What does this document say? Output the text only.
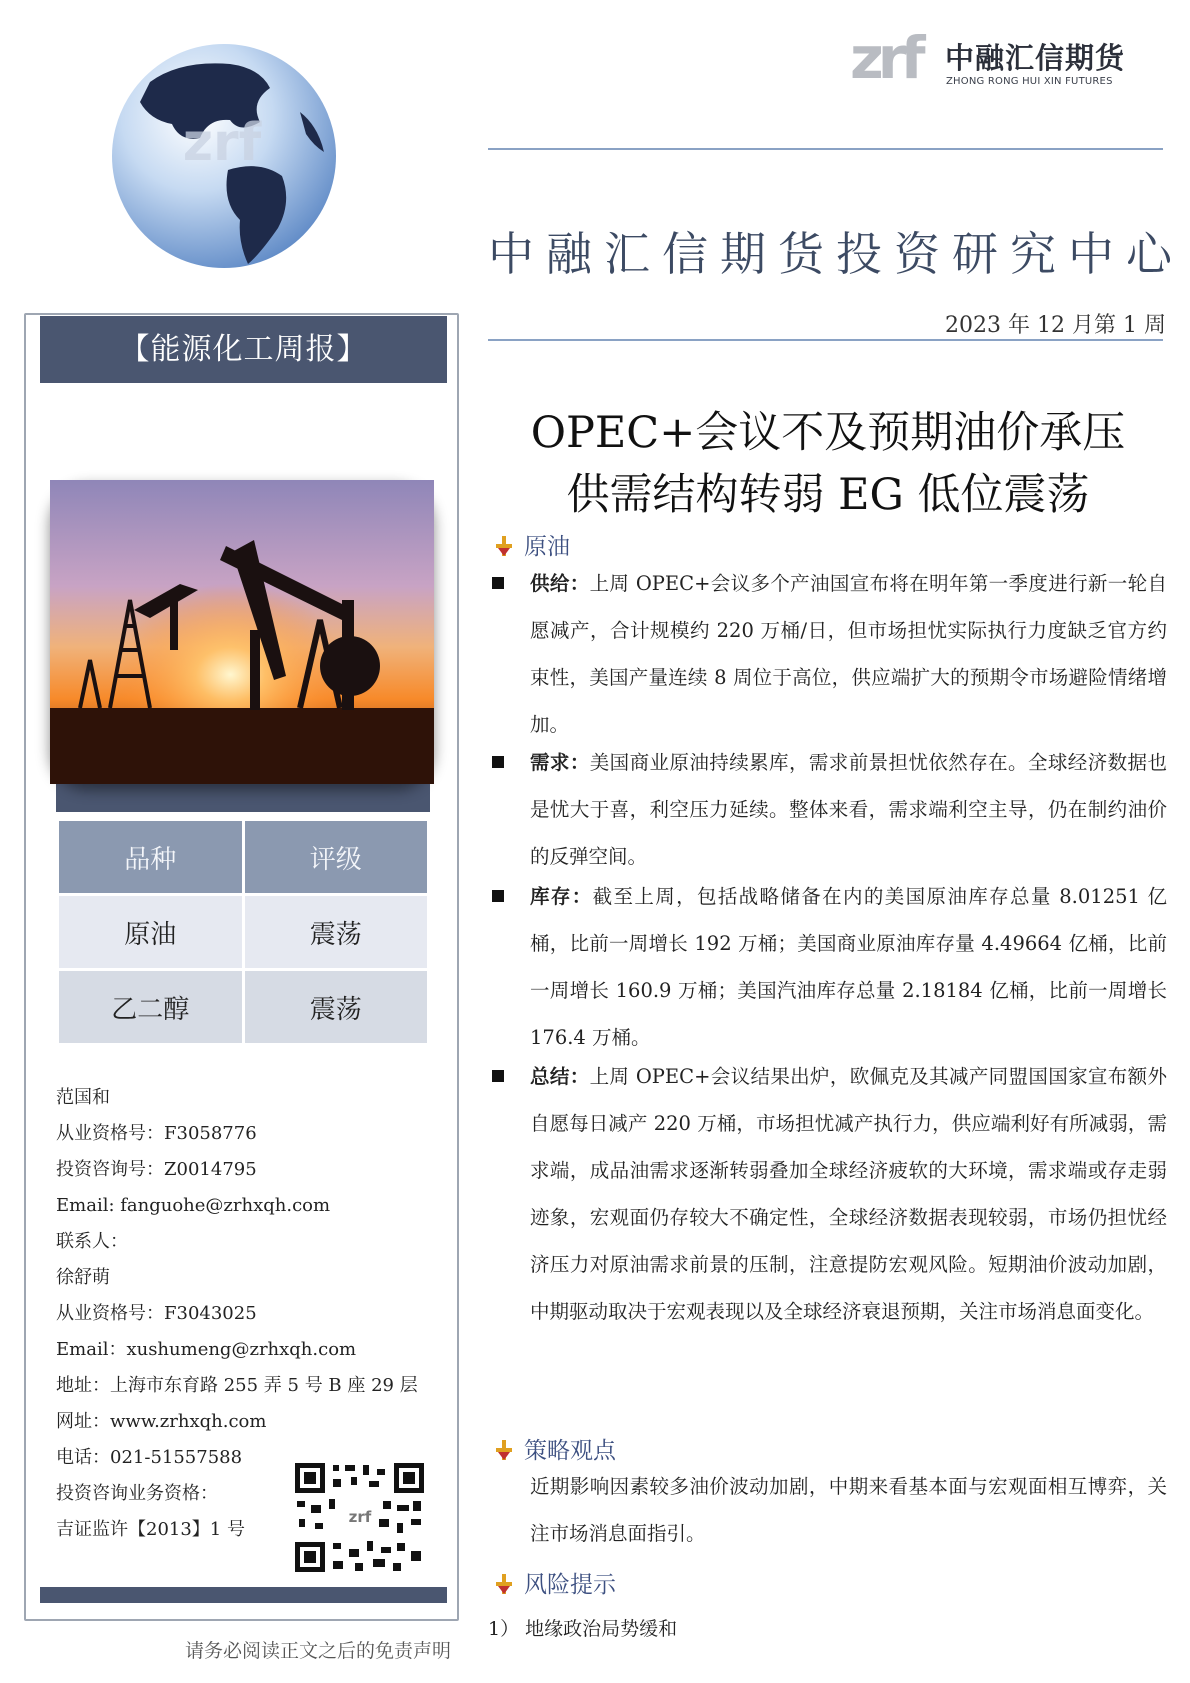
zrf
zrf 中融汇信期货
ZHONG RONG HUI XIN FUTURES
中融汇信期货投资研究中心
2023 年 12 月第 1 周
【能源化工周报】
品种	评级
原油	震荡
乙二醇	震荡
范国和
从业资格号：F3058776
投资咨询号：Z0014795
Email: fanguohe@zrhxqh.com
联系人：
徐舒萌
从业资格号：F3043025
Email：xushumeng@zrhxqh.com
地址：上海市东育路 255 弄 5 号 B 座 29 层
网址：www.zrhxqh.com
电话：021-51557588
投资咨询业务资格：
吉证监许【2013】1 号
zrf
请务必阅读正文之后的免责声明
OPEC+会议不及预期油价承压
供需结构转弱 EG 低位震荡
原油
供给：上周 OPEC+会议多个产油国宣布将在明年第一季度进行新一轮自愿减产，合计规模约 220 万桶/日，但市场担忧实际执行力度缺乏官方约束性，美国产量连续 8 周位于高位，供应端扩大的预期令市场避险情绪增加。
需求：美国商业原油持续累库，需求前景担忧依然存在。全球经济数据也是忧大于喜，利空压力延续。整体来看，需求端利空主导，仍在制约油价的反弹空间。
库存：截至上周，包括战略储备在内的美国原油库存总量 8.01251 亿桶，比前一周增长 192 万桶；美国商业原油库存量 4.49664 亿桶，比前一周增长 160.9 万桶；美国汽油库存总量 2.18184 亿桶，比前一周增长 176.4 万桶。
总结：上周 OPEC+会议结果出炉，欧佩克及其减产同盟国国家宣布额外自愿每日减产 220 万桶，市场担忧减产执行力，供应端利好有所减弱，需求端，成品油需求逐渐转弱叠加全球经济疲软的大环境，需求端或存走弱迹象，宏观面仍存较大不确定性，全球经济数据表现较弱，市场仍担忧经济压力对原油需求前景的压制，注意提防宏观风险。短期油价波动加剧，中期驱动取决于宏观表现以及全球经济衰退预期，关注市场消息面变化。
策略观点
近期影响因素较多油价波动加剧，中期来看基本面与宏观面相互博弈，关注市场消息面指引。
风险提示
1） 地缘政治局势缓和
